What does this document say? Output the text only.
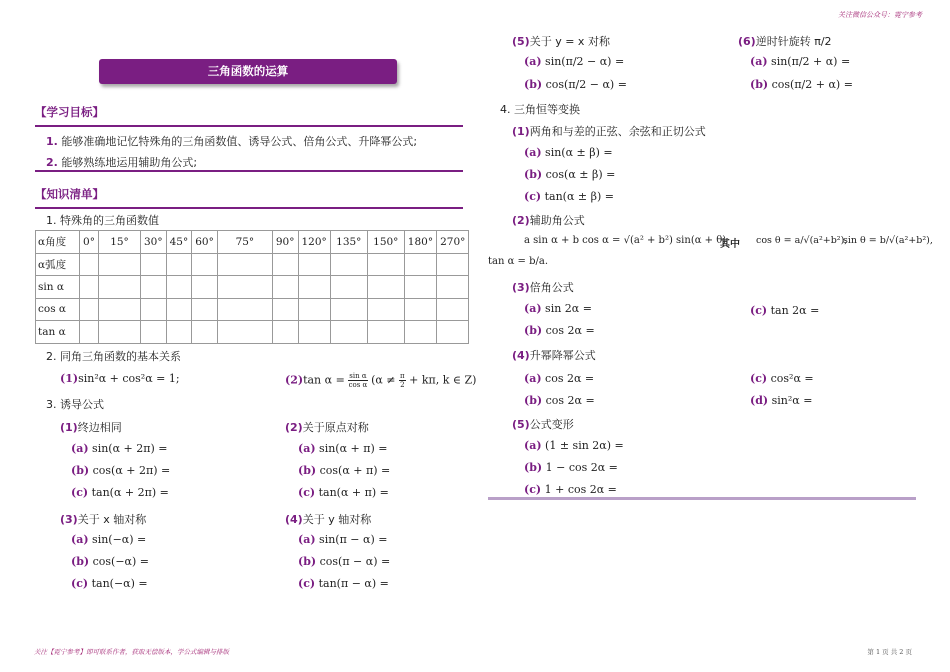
关注微信公众号：霓宁参考
三角函数的运算
【学习目标】
1. 能够准确地记忆特殊角的三角函数值、诱导公式、倍角公式、升降幂公式;
2. 能够熟练地运用辅助角公式;
【知识清单】
1. 特殊角的三角函数值
α角度	0°	15°	30°	45°	60°	75°	90°	120°	135°	150°	180°	270°
α弧度												
sin α												
cos α												
tan α												
2. 同角三角函数的基本关系
(1)sin²α + cos²α = 1;	(2)tan $\alpha = \frac{\text{sin α}}{\text{cos α}} (\alpha \ne \frac{\pi}{2} + k\pi$, k ∈ Z)
3. 诱导公式
(1)终边相同
(a) sin(α + 2π) =
(b) cos(α + 2π) =
(c) tan(α + 2π) =
(2)关于原点对称
(a) sin(α + π) =
(b) cos(α + π) =
(c) tan(α + π) =
(3)关于 x 轴对称
(a) sin(−α) =
(b) cos(−α) =
(c) tan(−α) =
(4)关于 y 轴对称
(a) sin(π − α) =
(b) cos(π − α) =
(c) tan(π − α) =
(5)关于 y = x 对称
(a) sin(π/2 − α) =
(b) cos(π/2 − α) =
(6)逆时针旋转 π/2
(a) sin(π/2 + α) =
(b) cos(π/2 + α) =
4. 三角恒等变换
(1)两角和与差的正弦、余弦和正切公式
(a) sin(α ± β) =
(b) cos(α ± β) =
(c) tan(α ± β) =
(2)辅助角公式
a sin α + b cos α = √(a² + b²) sin(α + θ)
其中 cos θ = a/√(a²+b²),
sin θ = b/√(a²+b²),
tan α = b/a.
(3)倍角公式
(a) sin 2α =
(b) cos 2α =
(c) tan 2α =
(4)升幂降幂公式
(a) cos 2α =
(b) cos 2α =
(c) cos²α =
(d) sin²α =
(5)公式变形
(a) (1 ± sin 2α) =
(b) 1 − cos 2α =
(c) 1 + cos 2α =
关注【霓宁参考】即可联系作者，获取无偿版本，学公式编辑与排版	第 1 页 共 2 页
